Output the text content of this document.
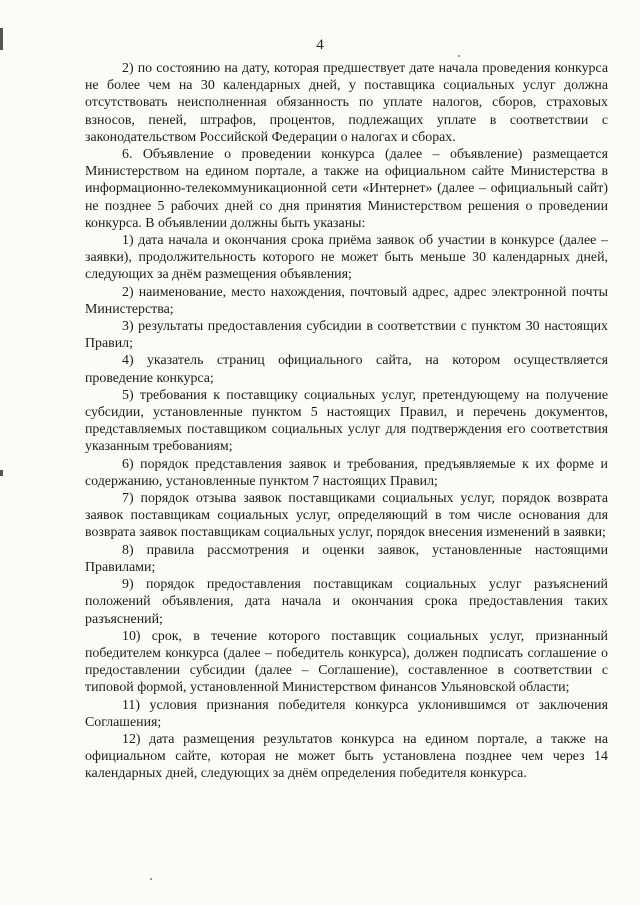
4

2) по состоянию на дату, которая предшествует дате начала проведения конкурса не более чем на 30 календарных дней, у поставщика социальных услуг должна отсутствовать неисполненная обязанность по уплате налогов, сборов, страховых взносов, пеней, штрафов, процентов, подлежащих уплате в соответствии с законодательством Российской Федерации о налогах и сборах.

6. Объявление о проведении конкурса (далее – объявление) размещается Министерством на едином портале, а также на официальном сайте Министерства в информационно-телекоммуникационной сети «Интернет» (далее – официальный сайт) не позднее 5 рабочих дней со дня принятия Министерством решения о проведении конкурса. В объявлении должны быть указаны:

1) дата начала и окончания срока приёма заявок об участии в конкурсе (далее – заявки), продолжительность которого не может быть меньше 30 календарных дней, следующих за днём размещения объявления;

2) наименование, место нахождения, почтовый адрес, адрес электронной почты Министерства;

3) результаты предоставления субсидии в соответствии с пунктом 30 настоящих Правил;

4) указатель страниц официального сайта, на котором осуществляется проведение конкурса;

5) требования к поставщику социальных услуг, претендующему на получение субсидии, установленные пунктом 5 настоящих Правил, и перечень документов, представляемых поставщиком социальных услуг для подтверждения его соответствия указанным требованиям;

6) порядок представления заявок и требования, предъявляемые к их форме и содержанию, установленные пунктом 7 настоящих Правил;

7) порядок отзыва заявок поставщиками социальных услуг, порядок возврата заявок поставщикам социальных услуг, определяющий в том числе основания для возврата заявок поставщикам социальных услуг, порядок внесения изменений в заявки;

8) правила рассмотрения и оценки заявок, установленные настоящими Правилами;

9) порядок предоставления поставщикам социальных услуг разъяснений положений объявления, дата начала и окончания срока предоставления таких разъяснений;

10) срок, в течение которого поставщик социальных услуг, признанный победителем конкурса (далее – победитель конкурса), должен подписать соглашение о предоставлении субсидии (далее – Соглашение), составленное в соответствии с типовой формой, установленной Министерством финансов Ульяновской области;

11) условия признания победителя конкурса уклонившимся от заключения Соглашения;

12) дата размещения результатов конкурса на едином портале, а также на официальном сайте, которая не может быть установлена позднее чем через 14 календарных дней, следующих за днём определения победителя конкурса.
